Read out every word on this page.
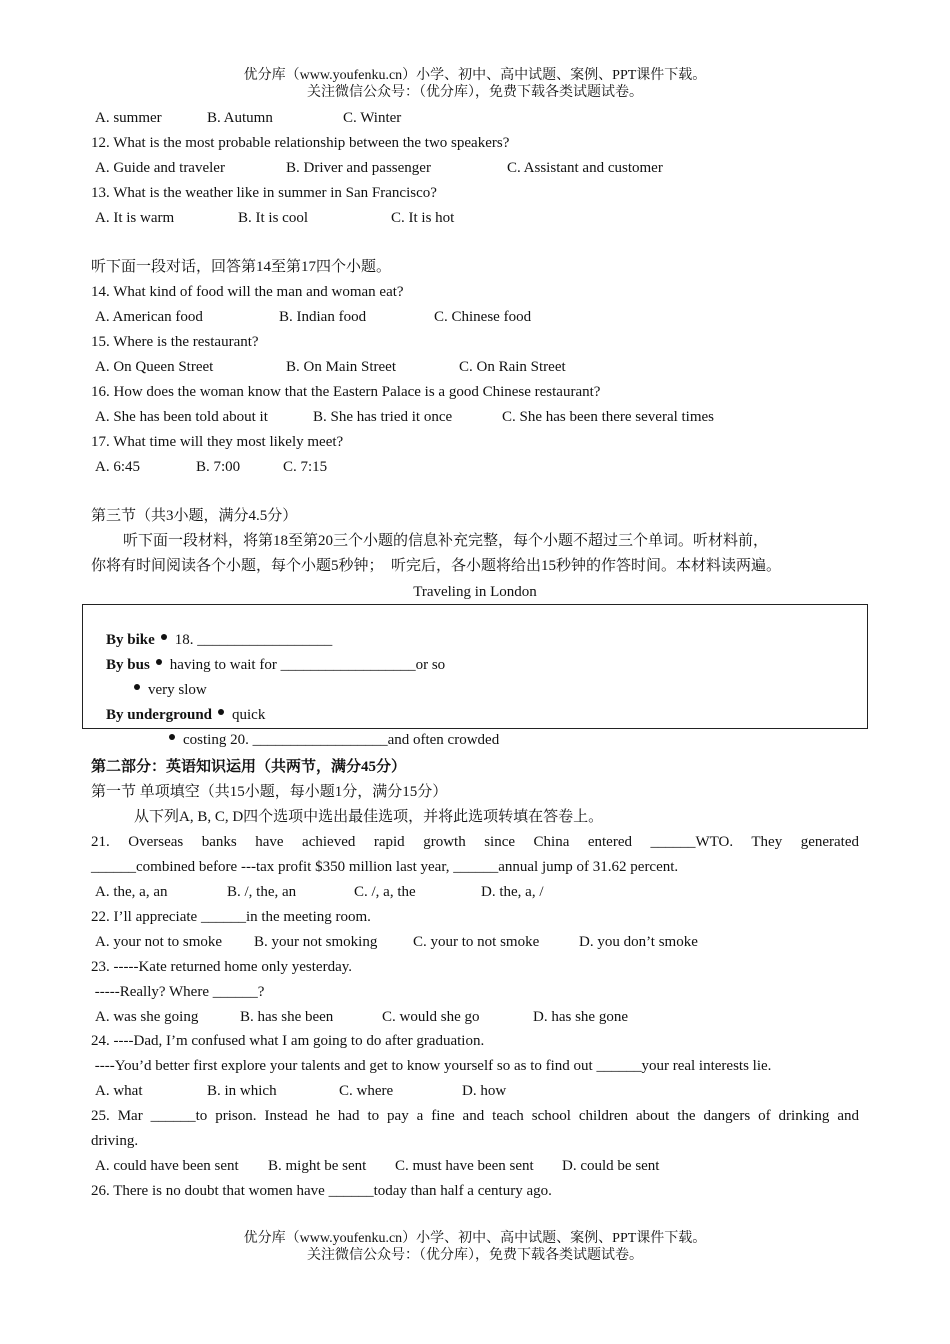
优分库（www.youfenku.cn）小学、初中、高中试题、案例、PPT课件下载。
关注微信公众号：（优分库），免费下载各类试题试卷。
A. summer	B. Autumn	C. Winter
12. What is the most probable relationship between the two speakers?
A. Guide and traveler	B. Driver and passenger	C. Assistant and customer
13. What is the weather like in summer in San Francisco?
A. It is warm	B. It is cool	C. It is hot
听下面一段对话，回答第14至第17四个小题。
14. What kind of food will the man and woman eat?
A. American food	B. Indian food	C. Chinese food
15. Where is the restaurant?
A. On Queen Street	B. On Main Street	C. On Rain Street
16. How does the woman know that the Eastern Palace is a good Chinese restaurant?
A. She has been told about it	B. She has tried it once	C. She has been there several times
17. What time will they most likely meet?
A. 6:45	B. 7:00	C. 7:15
第三节（共3小题，满分4.5分）
听下面一段材料，将第18至第20三个小题的信息补充完整，每个小题不超过三个单词。听材料前，
你将有时间阅读各个小题，每个小题5秒钟；  听完后，各小题将给出15秒钟的作答时间。本材料读两遍。
Traveling in London

By bike 18. __________________

By bus having to wait for __________________or so

very slow

By underground quick

costing 20. __________________and often crowded

第二部分：英语知识运用（共两节，满分45分）
第一节 单项填空（共15小题，每小题1分，满分15分）
从下列A, B, C, D四个选项中选出最佳选项，并将此选项转填在答卷上。
21. Overseas banks have achieved rapid growth since China entered ______WTO. They generated
______combined before ---tax profit $350 million last year, ______annual jump of 31.62 percent.
A. the, a, an	B. /, the, an	C. /, a, the	D. the, a, /
22. I’ll appreciate ______in the meeting room.
A. your not to smoke B. your not smoking C. your to not smoke	D. you don’t smoke
23. -----Kate returned home only yesterday.
-----Really? Where ______?
A. was she going	B. has she been	C. would she go	D. has she gone
24. ----Dad, I’m confused what I am going to do after graduation.
----You’d better first explore your talents and get to know yourself so as to find out ______your real interests lie.
A. what	B. in which	C. where	D. how
25. Mar ______to prison. Instead he had to pay a fine and teach school children about the dangers of drinking and
driving.
A. could have been sent B. might be sent C. must have been sent D. could be sent
26. There is no doubt that women have ______today than half a century ago.
优分库（www.youfenku.cn）小学、初中、高中试题、案例、PPT课件下载。
关注微信公众号：（优分库），免费下载各类试题试卷。
